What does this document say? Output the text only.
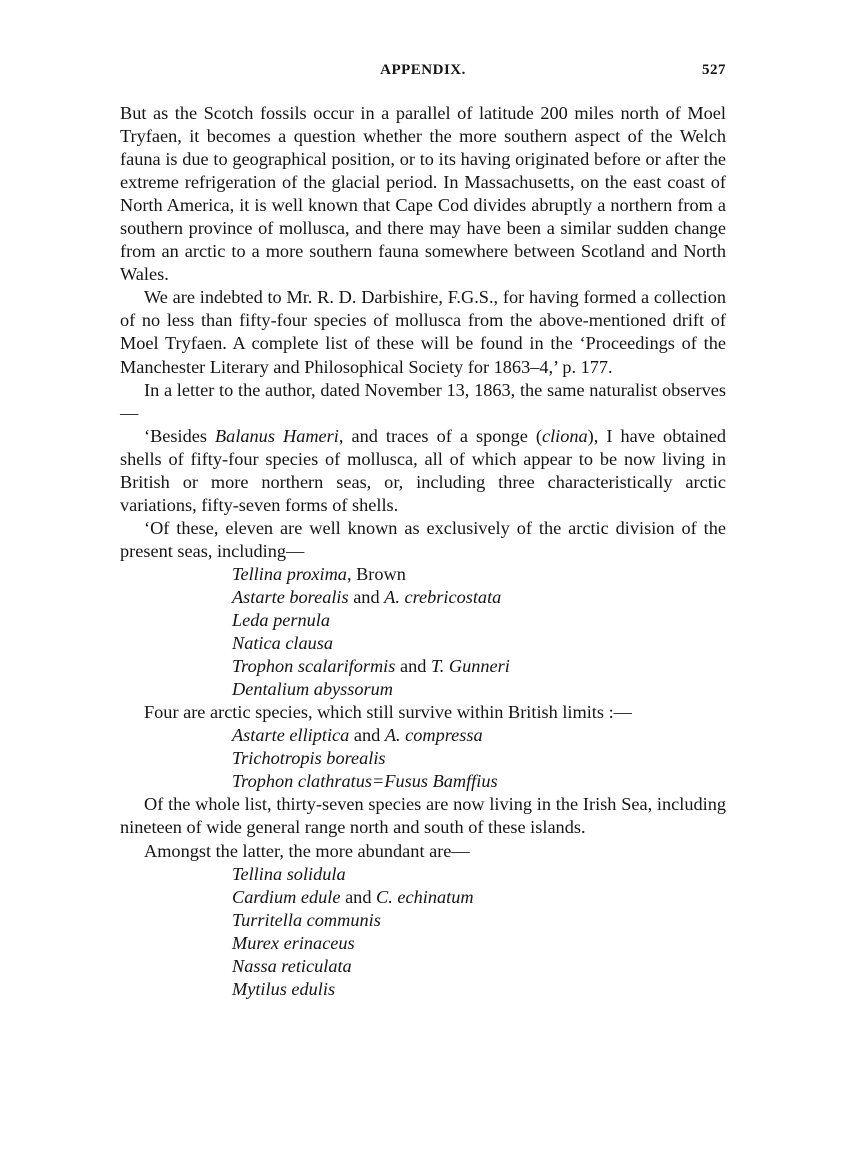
APPENDIX.	527

But as the Scotch fossils occur in a parallel of latitude 200 miles north of Moel Tryfaen, it becomes a question whether the more southern aspect of the Welch fauna is due to geographical position, or to its having originated before or after the extreme refrigeration of the glacial period. In Massachusetts, on the east coast of North America, it is well known that Cape Cod divides abruptly a northern from a southern province of mollusca, and there may have been a similar sudden change from an arctic to a more southern fauna somewhere between Scotland and North Wales.

We are indebted to Mr. R. D. Darbishire, F.G.S., for having formed a collection of no less than fifty-four species of mollusca from the above-mentioned drift of Moel Tryfaen. A complete list of these will be found in the ‘Proceedings of the Manchester Literary and Philosophical Society for 1863–4,’ p. 177.

In a letter to the author, dated November 13, 1863, the same naturalist observes—

‘Besides Balanus Hameri, and traces of a sponge (cliona), I have obtained shells of fifty-four species of mollusca, all of which appear to be now living in British or more northern seas, or, including three characteristically arctic variations, fifty-seven forms of shells.

‘Of these, eleven are well known as exclusively of the arctic division of the present seas, including—

Tellina proxima, Brown
Astarte borealis and A. crebricostata
Leda pernula
Natica clausa
Trophon scalariformis and T. Gunneri
Dentalium abyssorum

Four are arctic species, which still survive within British limits :—

Astarte elliptica and A. compressa
Trichotropis borealis
Trophon clathratus=Fusus Bamffius

Of the whole list, thirty-seven species are now living in the Irish Sea, including nineteen of wide general range north and south of these islands.

Amongst the latter, the more abundant are—

Tellina solidula
Cardium edule and C. echinatum
Turritella communis
Murex erinaceus
Nassa reticulata
Mytilus edulis
